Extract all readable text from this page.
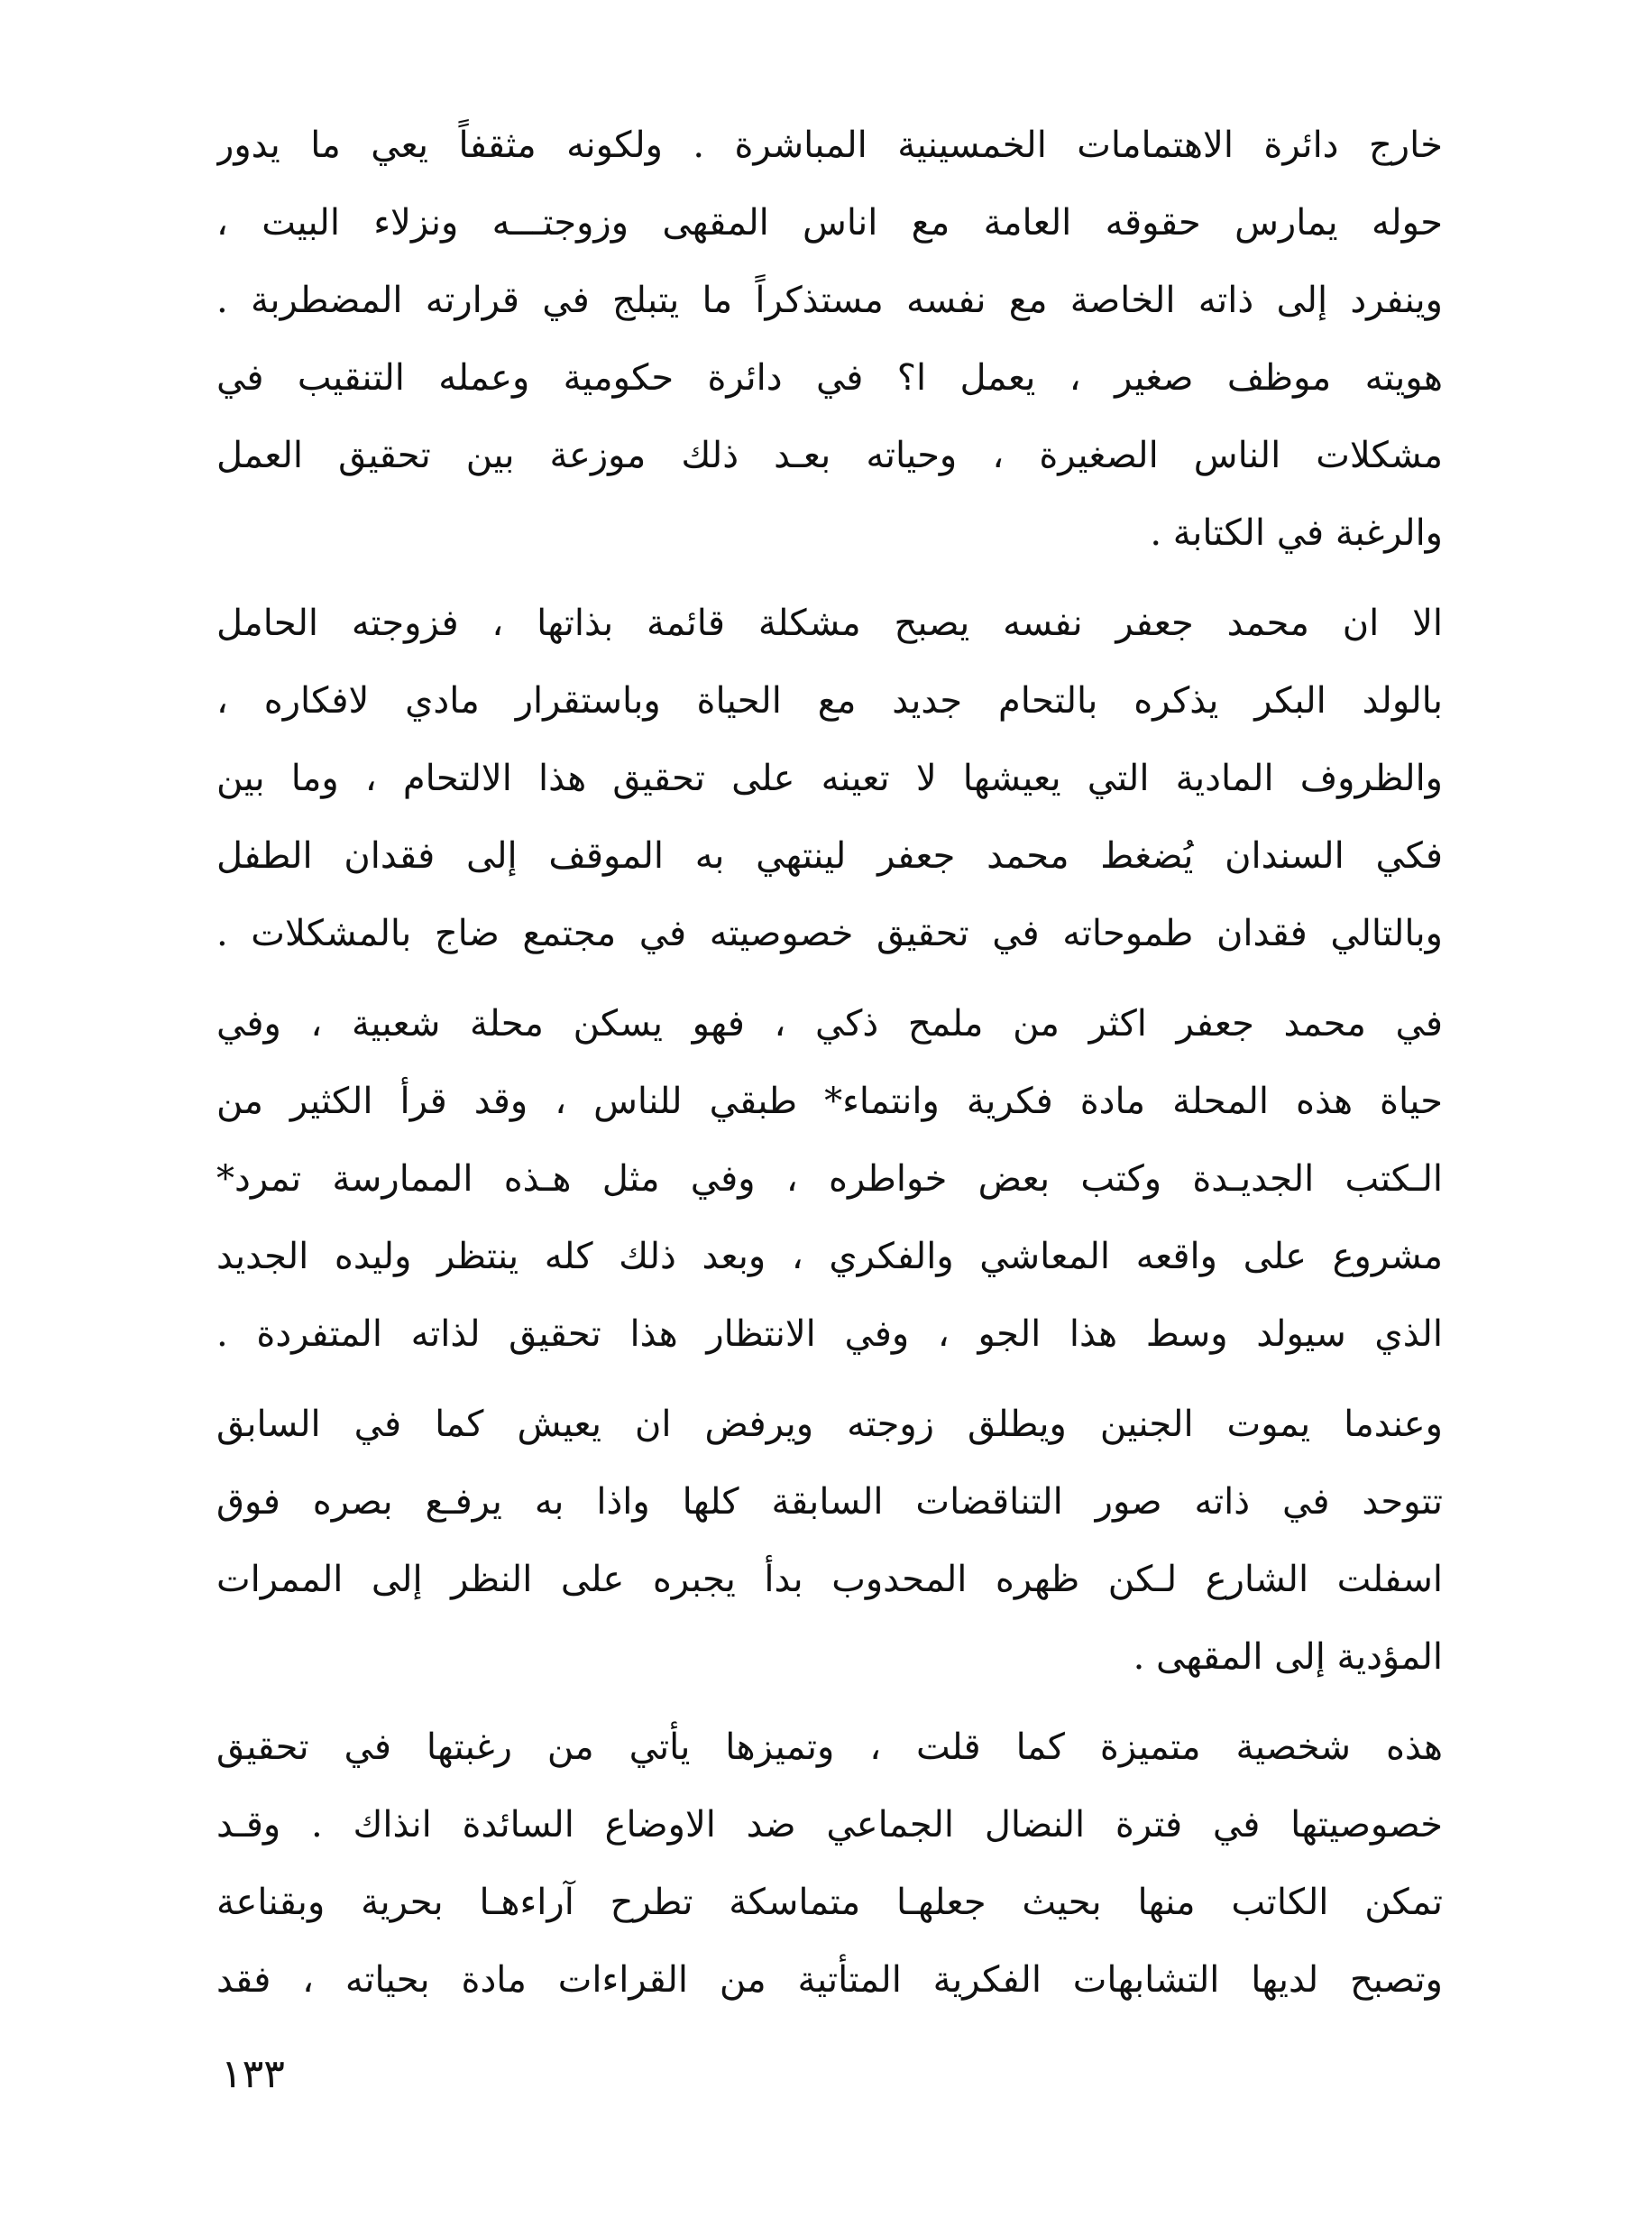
خارج دائرة الاهتمامات الخمسينية المباشرة . ولكونه مثقفاً يعي ما يدور
حوله يمارس حقوقه العامة مع اناس المقهى وزوجتـــه ونزلاء البيت ،
وينفرد إلى ذاته الخاصة مع نفسه مستذكراً ما يتبلج في قرارته المضطربة .
هويته موظف صغير ، يعمل ا؟ في دائرة حكومية وعمله التنقيب في
مشكلات الناس الصغيرة ، وحياته بعـد ذلك موزعة بين تحقيق العمل
والرغبة في الكتابة .
الا ان محمد جعفر نفسه يصبح مشكلة قائمة بذاتها ، فزوجته الحامل
بالولد البكر يذكره بالتحام جديد مع الحياة وباستقرار مادي لافكاره ،
والظروف المادية التي يعيشها لا تعينه على تحقيق هذا الالتحام ، وما بين
فكي السندان يُضغط محمد جعفر لينتهي به الموقف إلى فقدان الطفل
وبالتالي فقدان طموحاته في تحقيق خصوصيته في مجتمع ضاج بالمشكلات .
في محمد جعفر اكثر من ملمح ذكي ، فهو يسكن محلة شعبية ، وفي
حياة هذه المحلة مادة فكرية وانتماء* طبقي للناس ، وقد قرأ الكثير من
الـكتب الجديـدة وكتب بعض خواطره ، وفي مثل هـذه الممارسة تمرد*
مشروع على واقعه المعاشي والفكري ، وبعد ذلك كله ينتظر وليده الجديد
الذي سيولد وسط هذا الجو ، وفي الانتظار هذا تحقيق لذاته المتفردة .
وعندما يموت الجنين ويطلق زوجته ويرفض ان يعيش كما في السابق
تتوحد في ذاته صور التناقضات السابقة كلها واذا به يرفـع بصره فوق
اسفلت الشارع لـكن ظهره المحدوب بدأ يجبره على النظر إلى الممرات
المؤدية إلى المقهى .
هذه شخصية متميزة كما قلت ، وتميزها يأتي من رغبتها في تحقيق
خصوصيتها في فترة النضال الجماعي ضد الاوضاع السائدة انذاك . وقـد
تمكن الكاتب منها بحيث جعلهـا متماسكة تطرح آراءهـا بحرية وبقناعة
وتصبح لديها التشابهات الفكرية المتأتية من القراءات مادة بحياته ، فقد
١٣٣
